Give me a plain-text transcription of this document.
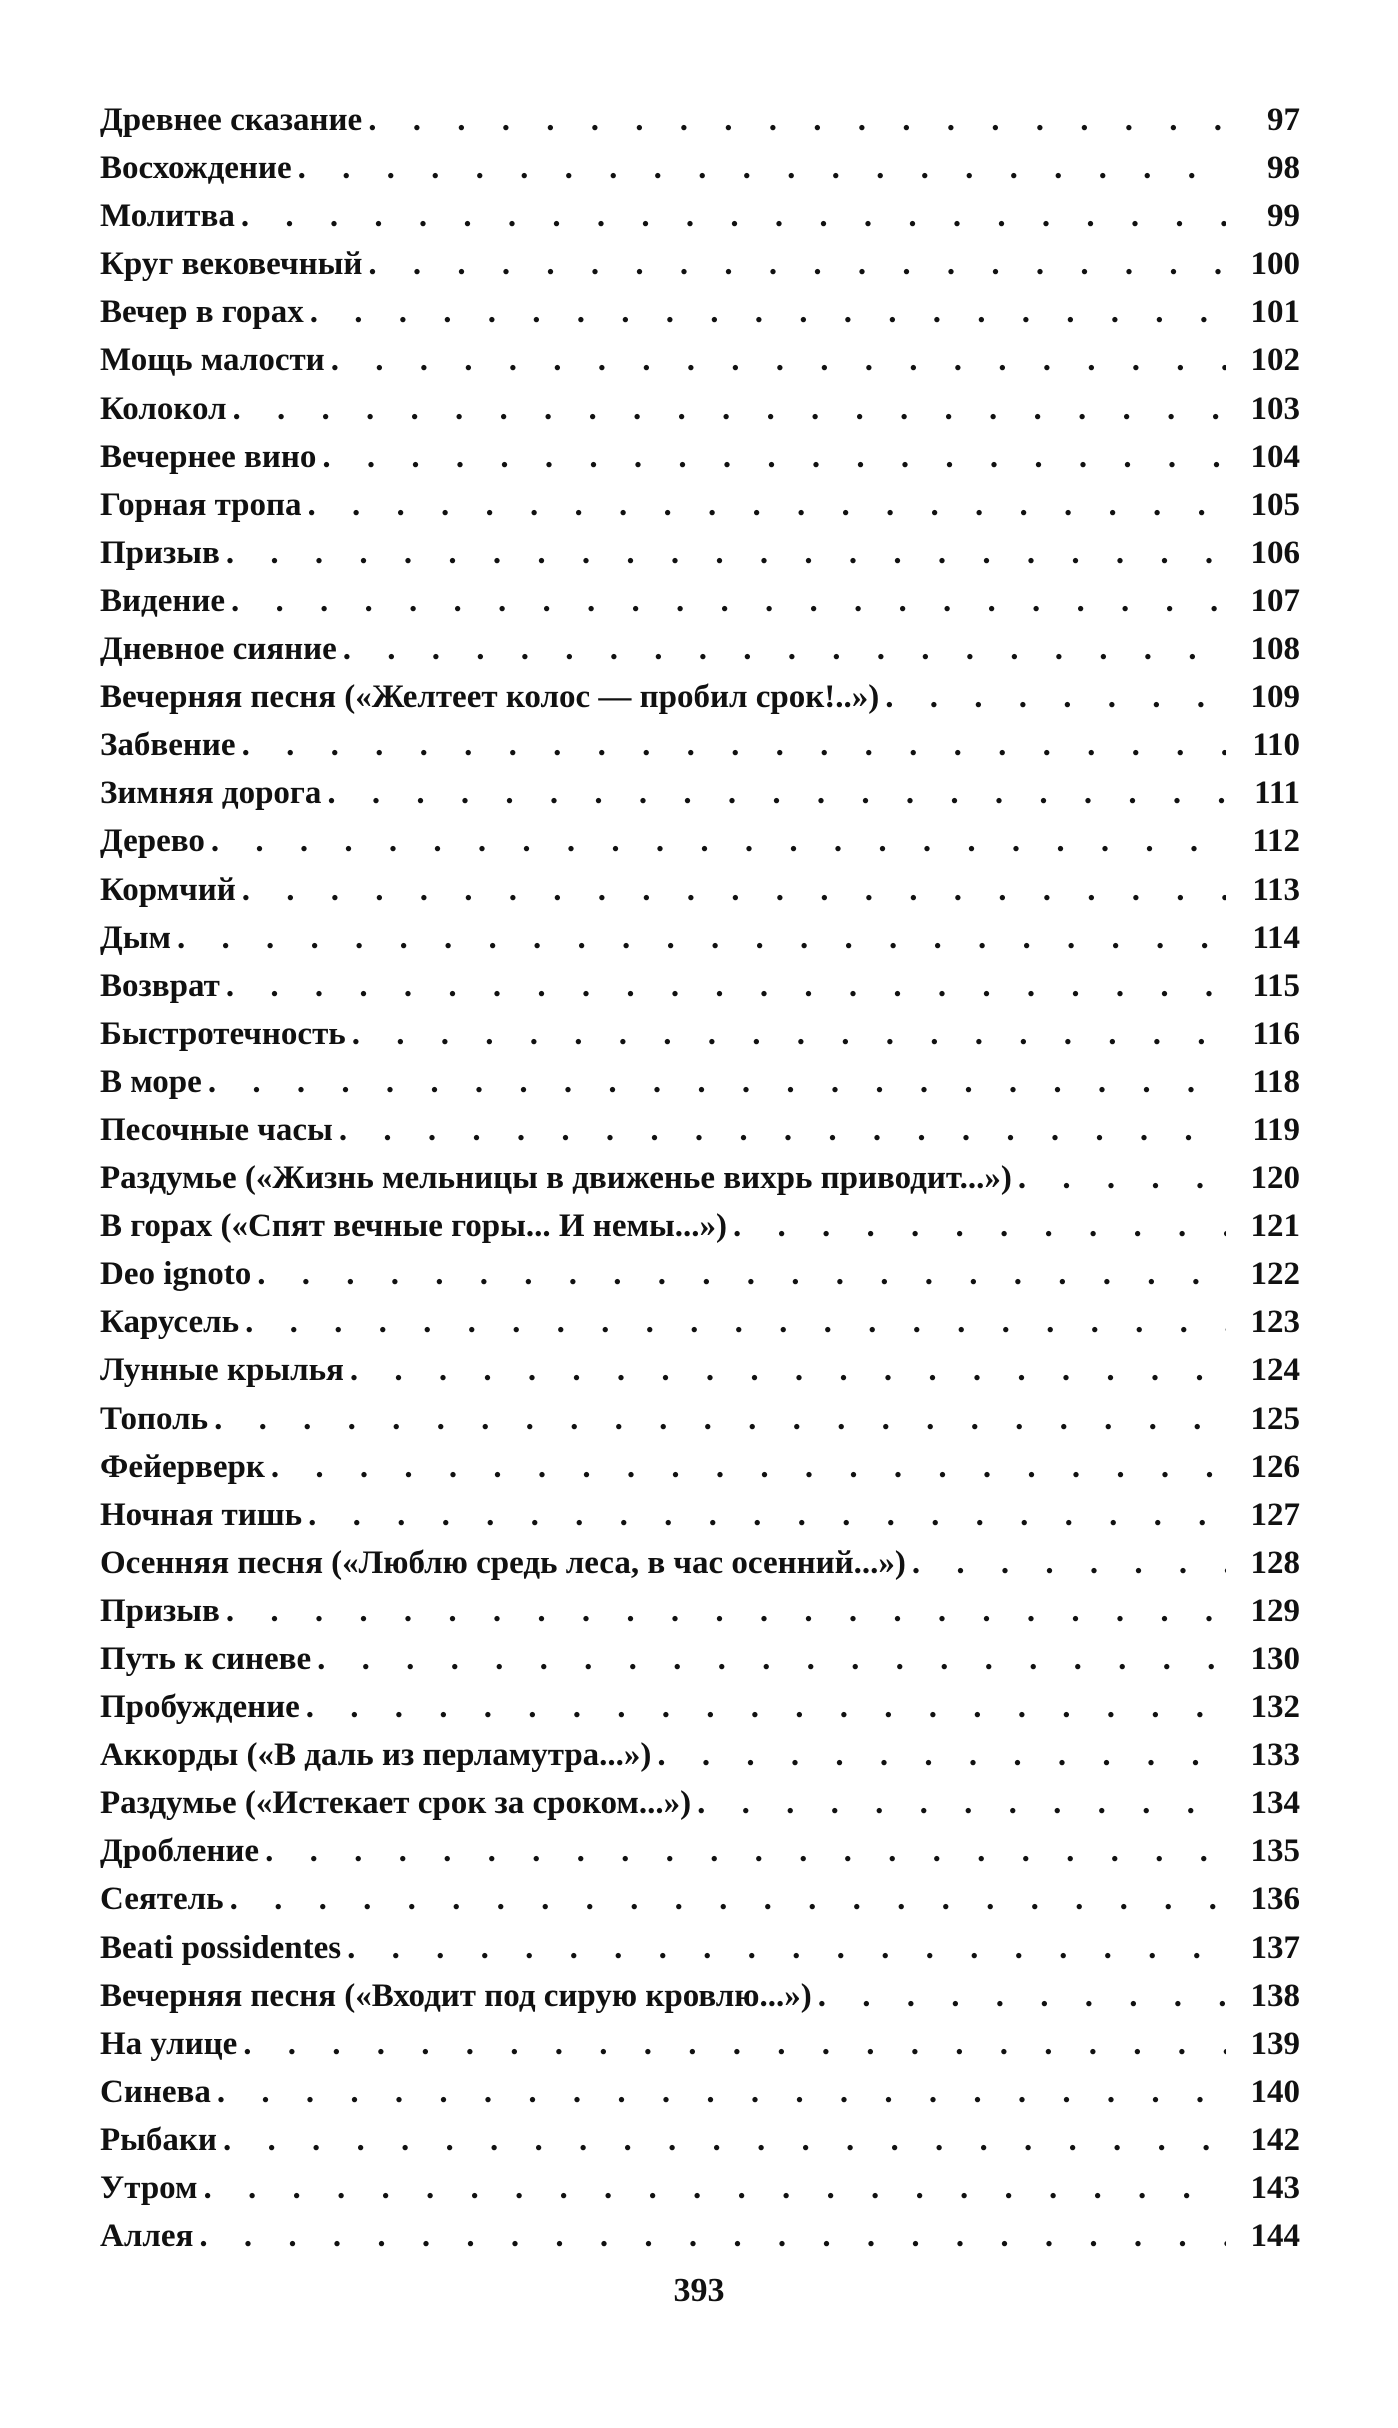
Древнее сказание . . .	97
Восхождение . . .	98
Молитва . . .	99
Круг вековечный . . .	100
Вечер в горах . . .	101
Мощь малости . . .	102
Колокол . . .	103
Вечернее вино . . .	104
Горная тропа . . .	105
Призыв . . .	106
Видение . . .	107
Дневное сияние . . .	108
Вечерняя песня («Желтеет колос — пробил срок!..») . . .	109
Забвение . . .	110
Зимняя дорога . . .	111
Дерево . . .	112
Кормчий . . .	113
Дым . . .	114
Возврат . . .	115
Быстротечность . . .	116
В море . . .	118
Песочные часы . . .	119
Раздумье («Жизнь мельницы в движенье вихрь приводит...») . . .	120
В горах («Спят вечные горы... И немы...») . . .	121
Deo ignoto . . .	122
Карусель . . .	123
Лунные крылья . . .	124
Тополь . . .	125
Фейерверк . . .	126
Ночная тишь . . .	127
Осенняя песня («Люблю средь леса, в час осенний...») . . .	128
Призыв . . .	129
Путь к синеве . . .	130
Пробуждение . . .	132
Аккорды («В даль из перламутра...») . . .	133
Раздумье («Истекает срок за сроком...») . . .	134
Дробление . . .	135
Сеятель . . .	136
Beati possidentes . . .	137
Вечерняя песня («Входит под сирую кровлю...») . . .	138
На улице . . .	139
Синева . . .	140
Рыбаки . . .	142
Утром . . .	143
Аллея . . .	144
393
